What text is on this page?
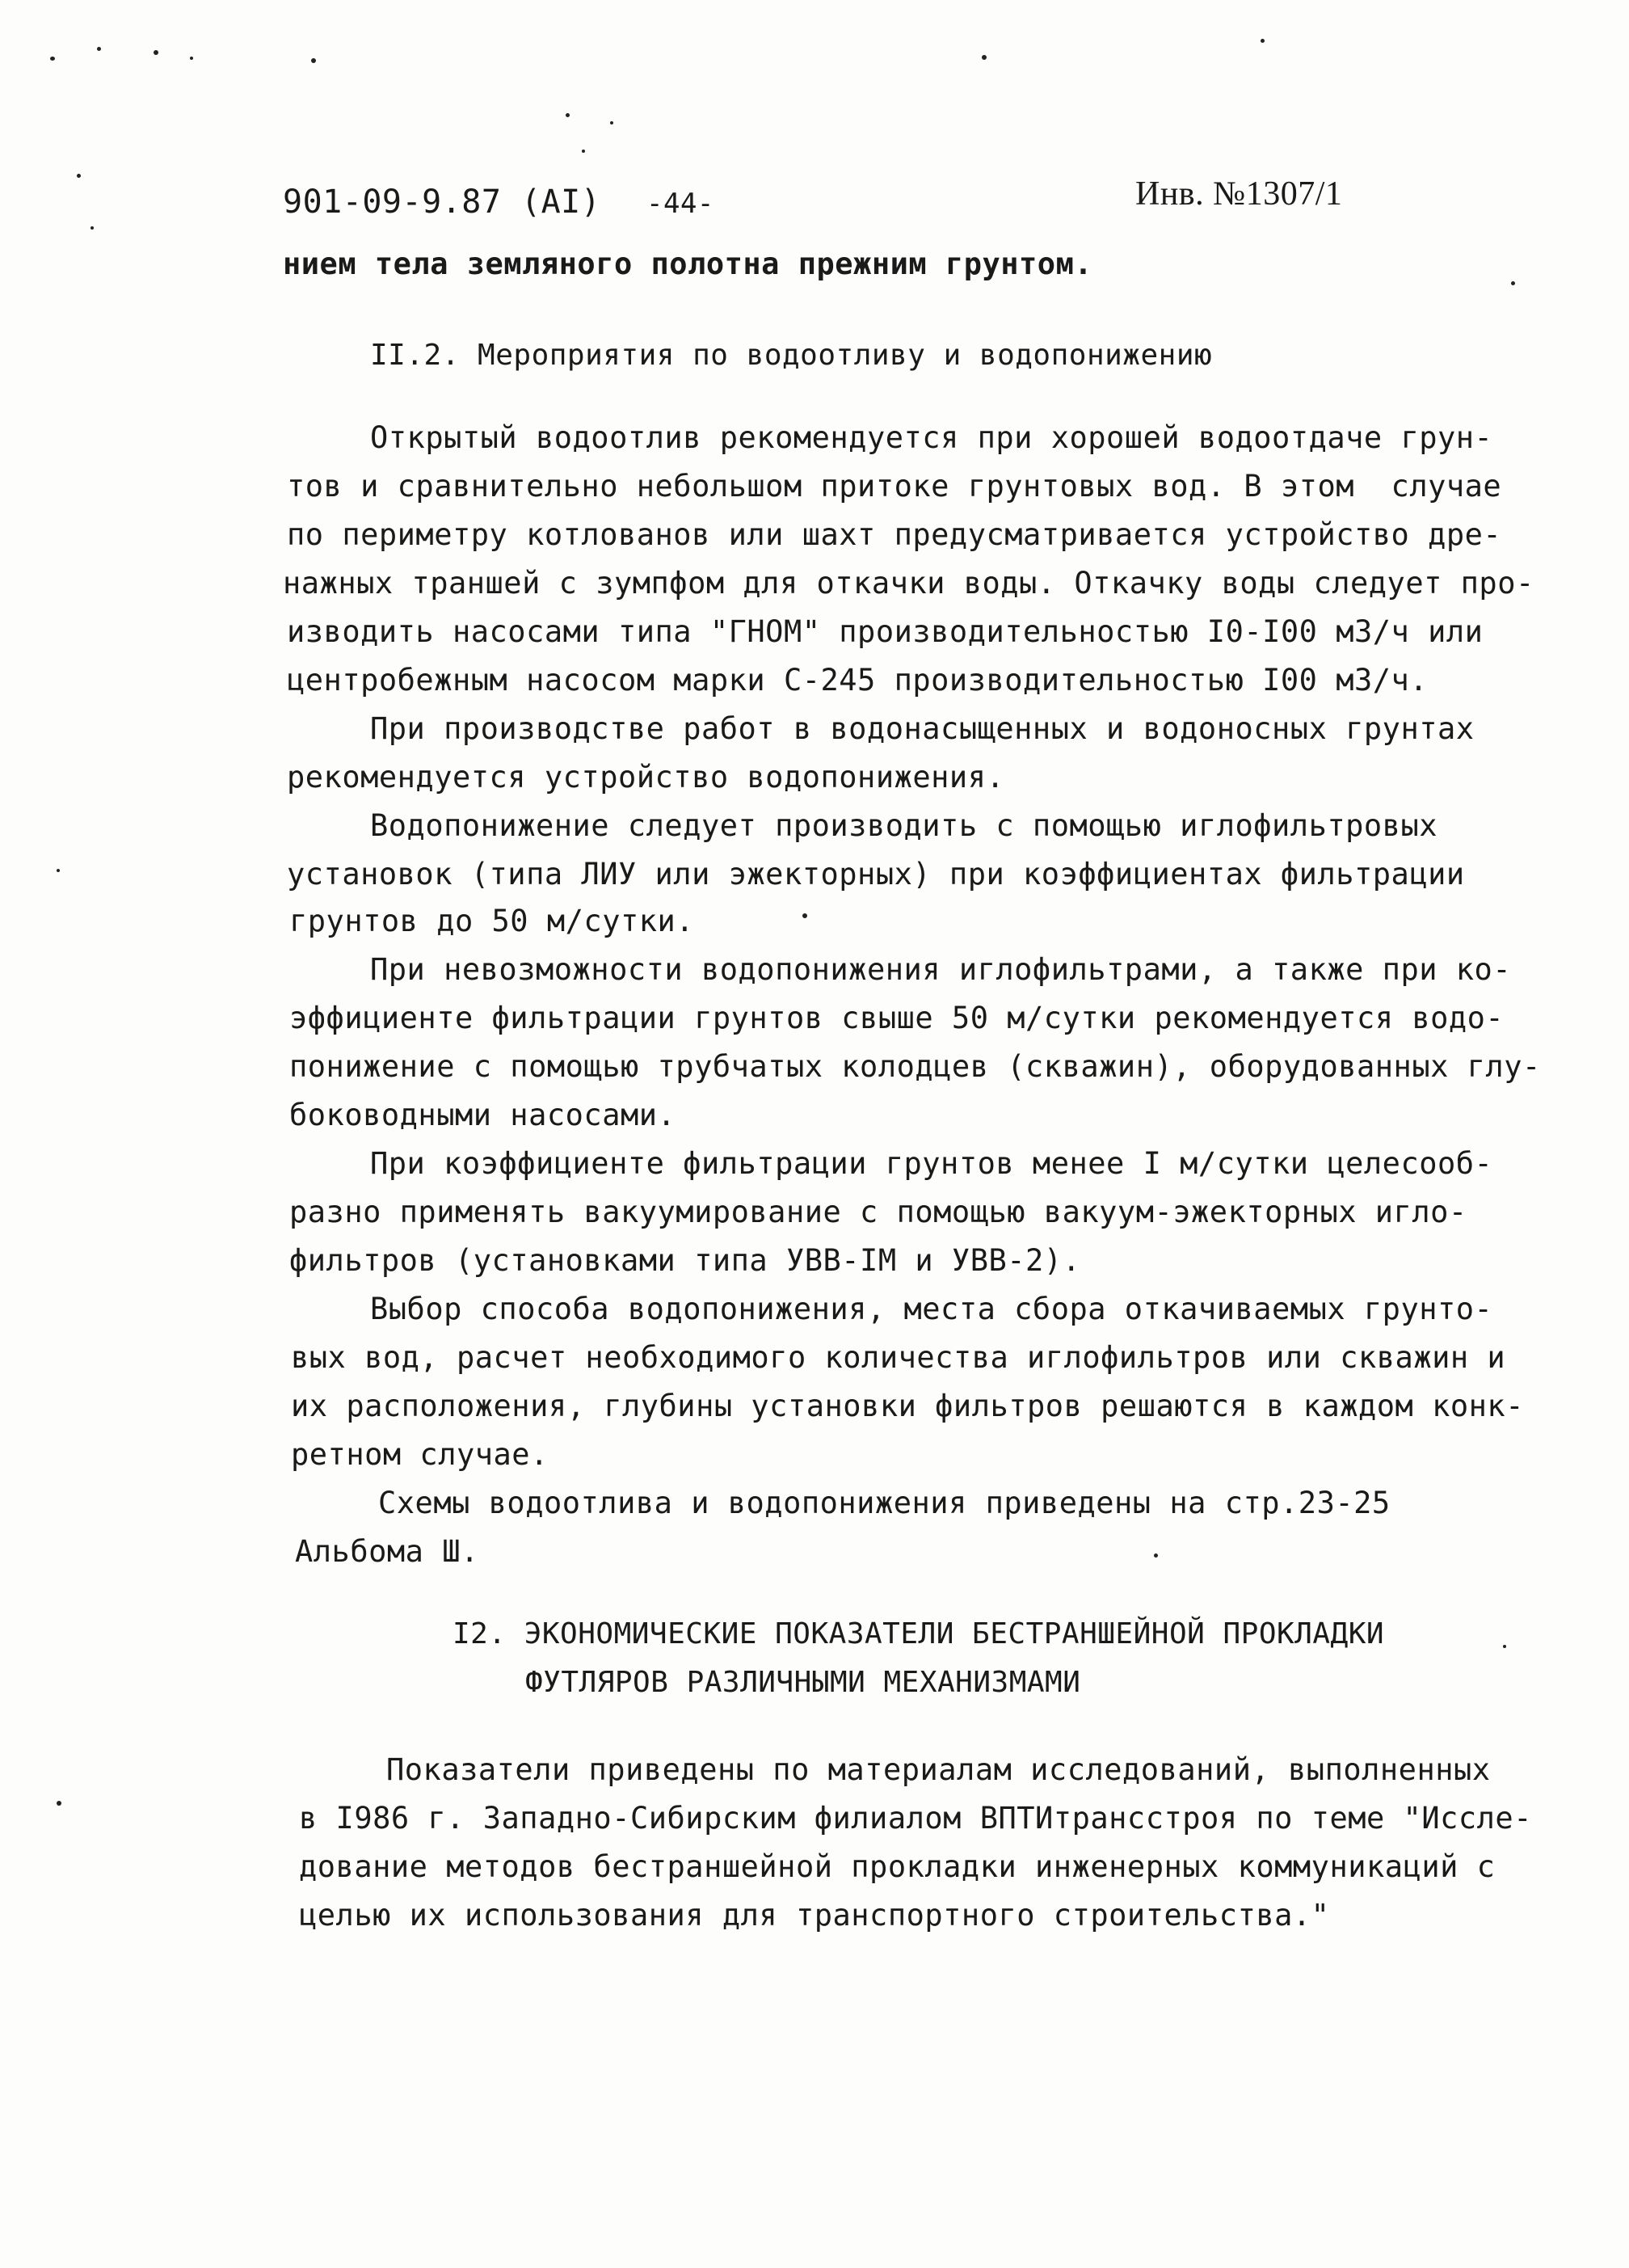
901-09-9.87 (AI) -44-	Инв. №1307/1
нием тела земляного полотна прежним грунтом.
II.2. Мероприятия по водоотливу и водопонижению
Открытый водоотлив рекомендуется при хорошей водоотдаче грун-
тов и сравнительно небольшом притоке грунтовых вод. В этом  случае
по периметру котлованов или шахт предусматривается устройство дре-
нажных траншей с зумпфом для откачки воды. Откачку воды следует про-
изводить насосами типа "ГНОМ" производительностью I0-I00 м3/ч или
центробежным насосом марки С-245 производительностью I00 м3/ч.
При производстве работ в водонасыщенных и водоносных грунтах
рекомендуется устройство водопонижения.
Водопонижение следует производить с помощью иглофильтровых
установок (типа ЛИУ или эжекторных) при коэффициентах фильтрации
грунтов до 50 м/сутки.
При невозможности водопонижения иглофильтрами, а также при ко-
эффициенте фильтрации грунтов свыше 50 м/сутки рекомендуется водо-
понижение с помощью трубчатых колодцев (скважин), оборудованных глу-
боководными насосами.
При коэффициенте фильтрации грунтов менее I м/сутки целесооб-
разно применять вакуумирование с помощью вакуум-эжекторных игло-
фильтров (установками типа УВВ-IМ и УВВ-2).
Выбор способа водопонижения, места сбора откачиваемых грунто-
вых вод, расчет необходимого количества иглофильтров или скважин и
их расположения, глубины установки фильтров решаются в каждом конк-
ретном случае.
Схемы водоотлива и водопонижения приведены на стр.23-25
Альбома Ш.
I2. ЭКОНОМИЧЕСКИЕ ПОКАЗАТЕЛИ БЕСТРАНШЕЙНОЙ ПРОКЛАДКИ
ФУТЛЯРОВ РАЗЛИЧНЫМИ МЕХАНИЗМАМИ
Показатели приведены по материалам исследований, выполненных
в I986 г. Западно-Сибирским филиалом ВПТИтрансстроя по теме "Иссле-
дование методов бестраншейной прокладки инженерных коммуникаций с
целью их использования для транспортного строительства."
